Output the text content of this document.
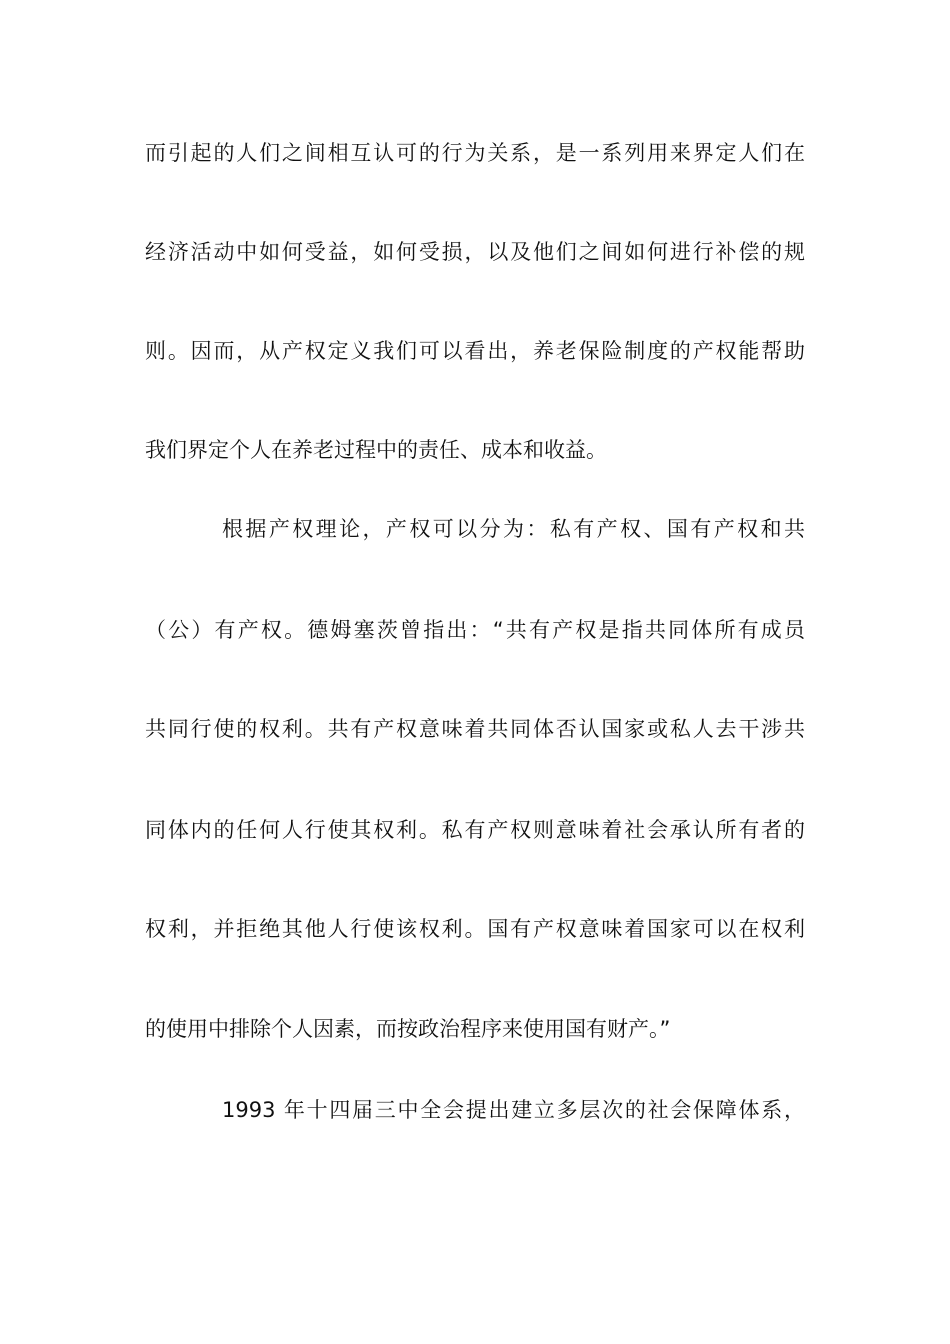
而引起的人们之间相互认可的行为关系，是一系列用来界定人们在
经济活动中如何受益，如何受损，以及他们之间如何进行补偿的规
则。因而，从产权定义我们可以看出，养老保险制度的产权能帮助
我们界定个人在养老过程中的责任、成本和收益。
根据产权理论，产权可以分为：私有产权、国有产权和共
（公）有产权。德姆塞茨曾指出：“共有产权是指共同体所有成员
共同行使的权利。共有产权意味着共同体否认国家或私人去干涉共
同体内的任何人行使其权利。私有产权则意味着社会承认所有者的
权利，并拒绝其他人行使该权利。国有产权意味着国家可以在权利
的使用中排除个人因素，而按政治程序来使用国有财产。”
1993 年十四届三中全会提出建立多层次的社会保障体系，
